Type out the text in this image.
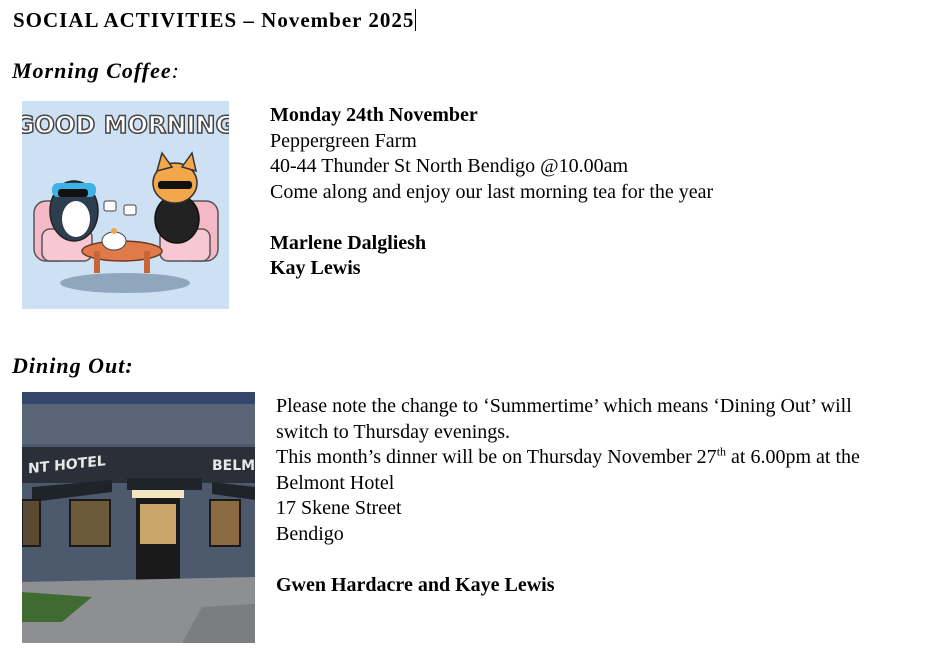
SOCIAL ACTIVITIES – November 2025
Morning Coffee:
GOOD MORNING Monday 24th November
Peppergreen Farm
40-44 Thunder St North Bendigo @10.00am
Come along and enjoy our last morning tea for the year
Marlene Dalgliesh
Kay Lewis
Dining Out:
NT HOTEL	BELM
Please note the change to ‘Summertime’ which means ‘Dining Out’ will
switch to Thursday evenings.
This month’s dinner will be on Thursday November 27th at 6.00pm at the
Belmont Hotel
17 Skene Street
Bendigo
Gwen Hardacre and Kaye Lewis
